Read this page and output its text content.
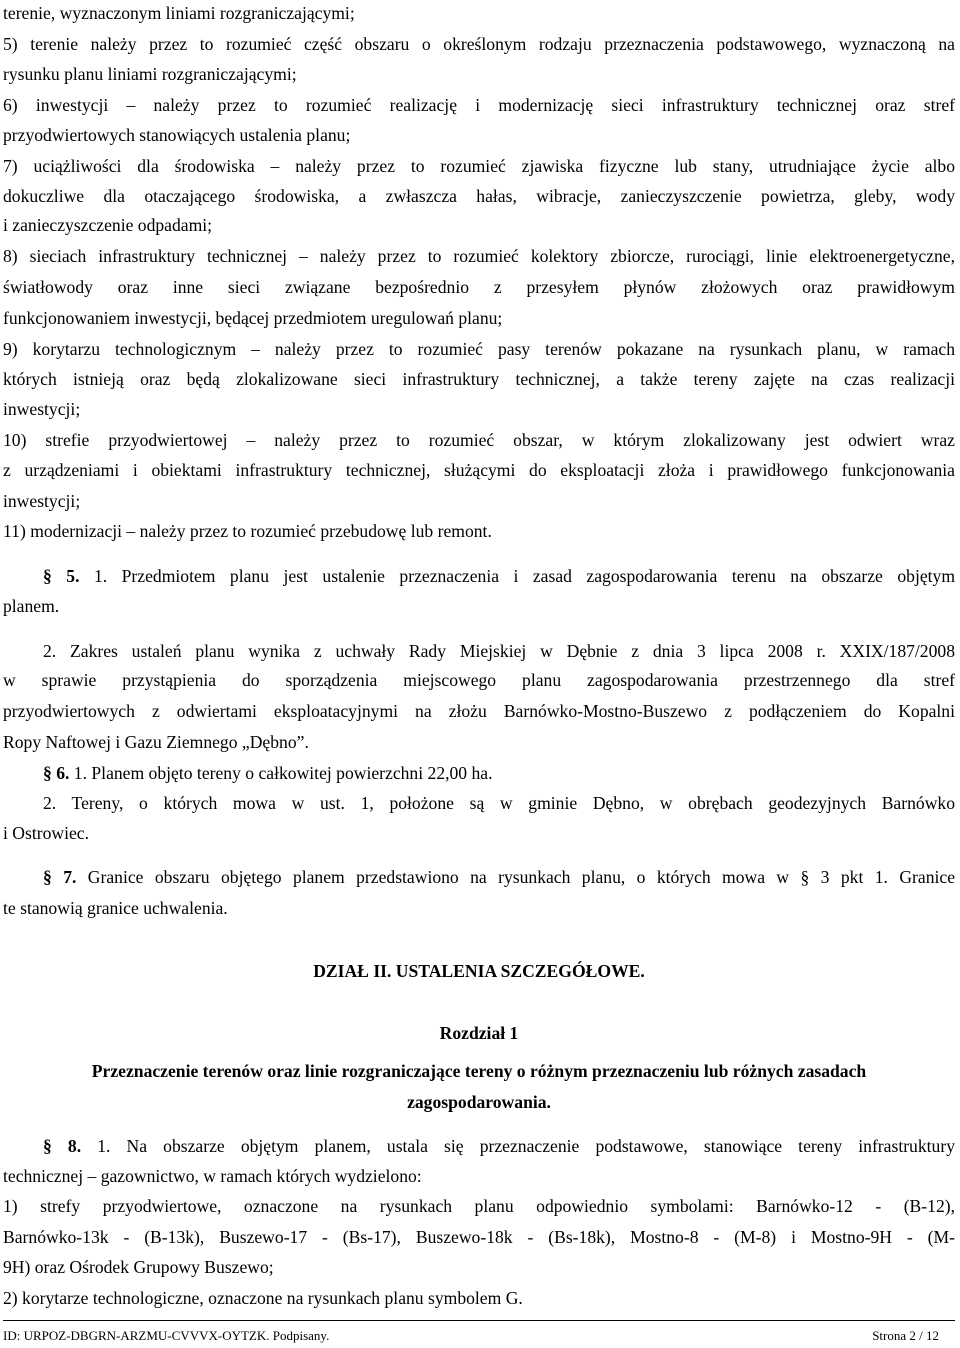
terenie, wyznaczonym liniami rozgraniczającymi;
5) terenie należy przez to rozumieć część obszaru o określonym rodzaju przeznaczenia podstawowego, wyznaczoną na
rysunku planu liniami rozgraniczającymi;
6) inwestycji – należy przez to rozumieć realizację i modernizację sieci infrastruktury technicznej oraz stref
przyodwiertowych stanowiących ustalenia planu;
7) uciążliwości dla środowiska – należy przez to rozumieć zjawiska fizyczne lub stany, utrudniające życie albo
dokuczliwe dla otaczającego środowiska, a zwłaszcza hałas, wibracje, zanieczyszczenie powietrza, gleby, wody
i zanieczyszczenie odpadami;
8) sieciach infrastruktury technicznej – należy przez to rozumieć kolektory zbiorcze, rurociągi, linie elektroenergetyczne,
światłowody oraz inne sieci związane bezpośrednio z przesyłem płynów złożowych oraz prawidłowym
funkcjonowaniem inwestycji, będącej przedmiotem uregulowań planu;
9) korytarzu technologicznym – należy przez to rozumieć pasy terenów pokazane na rysunkach planu, w ramach
których istnieją oraz będą zlokalizowane sieci infrastruktury technicznej, a także tereny zajęte na czas realizacji
inwestycji;
10) strefie przyodwiertowej – należy przez to rozumieć obszar, w którym zlokalizowany jest odwiert wraz
z urządzeniami i obiektami infrastruktury technicznej, służącymi do eksploatacji złoża i prawidłowego funkcjonowania
inwestycji;
11) modernizacji – należy przez to rozumieć przebudowę lub remont.
§ 5. 1. Przedmiotem planu jest ustalenie przeznaczenia i zasad zagospodarowania terenu na obszarze objętym
planem.
2. Zakres ustaleń planu wynika z uchwały Rady Miejskiej w Dębnie z dnia 3 lipca 2008 r. XXIX/187/2008
w sprawie przystąpienia do sporządzenia miejscowego planu zagospodarowania przestrzennego dla stref
przyodwiertowych z odwiertami eksploatacyjnymi na złożu Barnówko-Mostno-Buszewo z podłączeniem do Kopalni
Ropy Naftowej i Gazu Ziemnego „Dębno”.
§ 6. 1. Planem objęto tereny o całkowitej powierzchni 22,00 ha.
2. Tereny, o których mowa w ust. 1, położone są w gminie Dębno, w obrębach geodezyjnych Barnówko
i Ostrowiec.
§ 7. Granice obszaru objętego planem przedstawiono na rysunkach planu, o których mowa w § 3 pkt 1. Granice
te stanowią granice uchwalenia.
DZIAŁ II. USTALENIA SZCZEGÓŁOWE.
Rozdział 1
Przeznaczenie terenów oraz linie rozgraniczające tereny o różnym przeznaczeniu lub różnych zasadach
zagospodarowania.
§ 8. 1. Na obszarze objętym planem, ustala się przeznaczenie podstawowe, stanowiące tereny infrastruktury
technicznej – gazownictwo, w ramach których wydzielono:
1) strefy przyodwiertowe, oznaczone na rysunkach planu odpowiednio symbolami: Barnówko-12 - (B-12),
Barnówko-13k - (B-13k), Buszewo-17 - (Bs-17), Buszewo-18k - (Bs-18k), Mostno-8 - (M-8) i Mostno-9H - (M-
9H) oraz Ośrodek Grupowy Buszewo;
2) korytarze technologiczne, oznaczone na rysunkach planu symbolem G.
ID: URPOZ-DBGRN-ARZMU-CVVVX-OYTZK. Podpisany.	Strona 2 / 12
